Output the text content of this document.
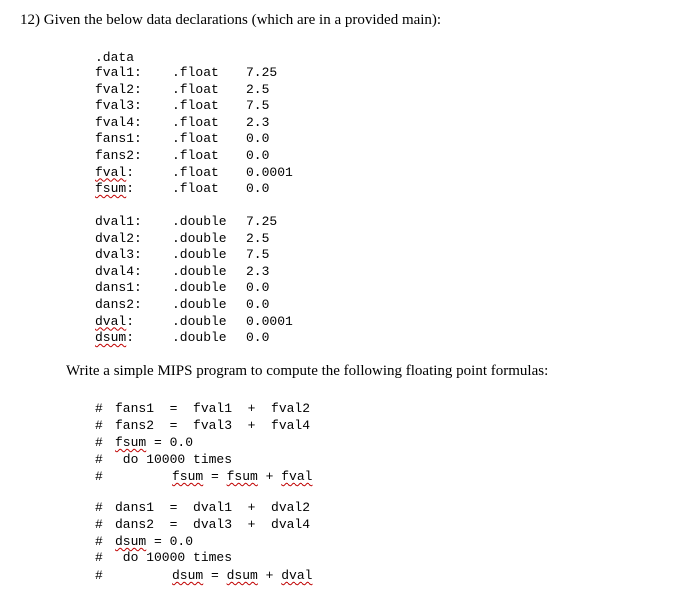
12) Given the below data declarations (which are in a provided main):
.data
fval1: .float 7.25
fval2: .float 2.5
fval3: .float 7.5
fval4: .float 2.3
fans1: .float 0.0
fans2: .float 0.0
fval:	.float 0.0001
fsum:	.float 0.0
dval1: .double 7.25
dval2: .double 2.5
dval3: .double 7.5
dval4: .double 2.3
dans1: .double 0.0
dans2: .double 0.0
dval:	.double 0.0001
dsum:	.double 0.0
Write a simple MIPS program to compute the following floating point formulas:
# fans1  =  fval1  +  fval2
# fans2  =  fval3  +  fval4
# fsum = 0.0
# do 10000 times
#	fsum = fsum + fval
# dans1  =  dval1  +  dval2
# dans2  =  dval3  +  dval4
# dsum = 0.0
# do 10000 times
#	dsum = dsum + dval
